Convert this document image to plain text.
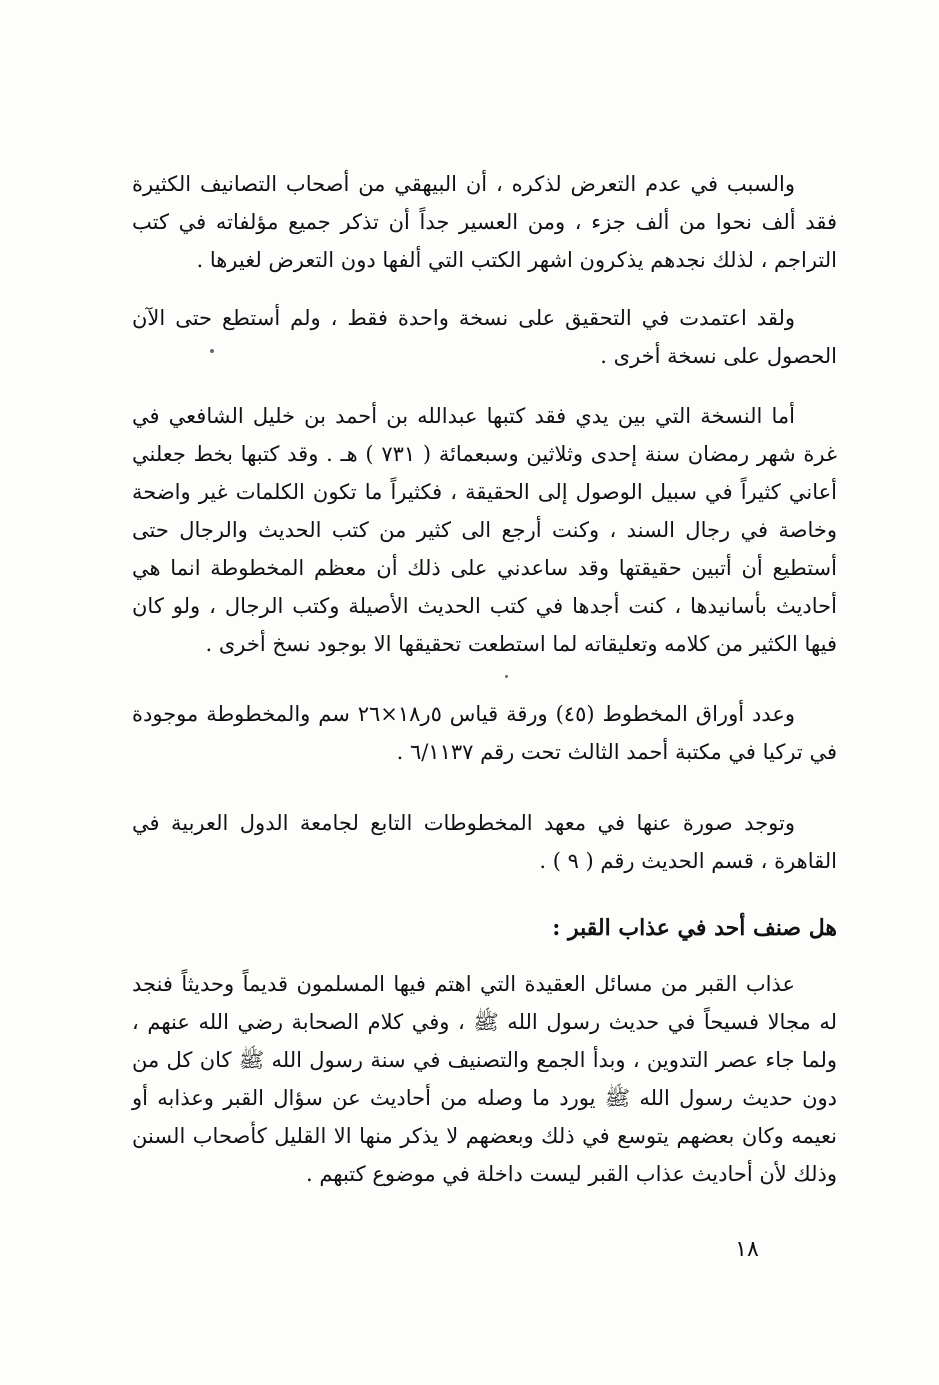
والسبب في عدم التعرض لذكره ، أن البيهقي من أصحاب التصانيف الكثيرة فقد ألف نحوا من ألف جزء ، ومن العسير جداً أن تذكر جميع مؤلفاته في كتب التراجم ، لذلك نجدهم يذكرون اشهر الكتب التي ألفها دون التعرض لغيرها .

ولقد اعتمدت في التحقيق على نسخة واحدة فقط ، ولم أستطع حتى الآن الحصول على نسخة أخرى .

أما النسخة التي بين يدي فقد كتبها عبدالله بن أحمد بن خليل الشافعي في غرة شهر رمضان سنة إحدى وثلاثين وسبعمائة ( ٧٣١ ) هـ . وقد كتبها بخط جعلني أعاني كثيراً في سبيل الوصول إلى الحقيقة ، فكثيراً ما تكون الكلمات غير واضحة وخاصة في رجال السند ، وكنت أرجع الى كثير من كتب الحديث والرجال حتى أستطيع أن أتبين حقيقتها وقد ساعدني على ذلك أن معظم المخطوطة انما هي أحاديث بأسانيدها ، كنت أجدها في كتب الحديث الأصيلة وكتب الرجال ، ولو كان فيها الكثير من كلامه وتعليقاته لما استطعت تحقيقها الا بوجود نسخ أخرى .

وعدد أوراق المخطوط (٤٥) ورقة قياس ٥ر١٨×٢٦ سم والمخطوطة موجودة في تركيا في مكتبة أحمد الثالث تحت رقم ٦/١١٣٧ .

وتوجد صورة عنها في معهد المخطوطات التابع لجامعة الدول العربية في القاهرة ، قسم الحديث رقم ( ٩ ) .

هل صنف أحد في عذاب القبر :

عذاب القبر من مسائل العقيدة التي اهتم فيها المسلمون قديماً وحديثاً فنجد له مجالا فسيحاً في حديث رسول الله ﷺ ، وفي كلام الصحابة رضي الله عنهم ، ولما جاء عصر التدوين ، وبدأ الجمع والتصنيف في سنة رسول الله ﷺ كان كل من دون حديث رسول الله ﷺ يورد ما وصله من أحاديث عن سؤال القبر وعذابه أو نعيمه وكان بعضهم يتوسع في ذلك وبعضهم لا يذكر منها الا القليل كأصحاب السنن وذلك لأن أحاديث عذاب القبر ليست داخلة في موضوع كتبهم .

١٨
